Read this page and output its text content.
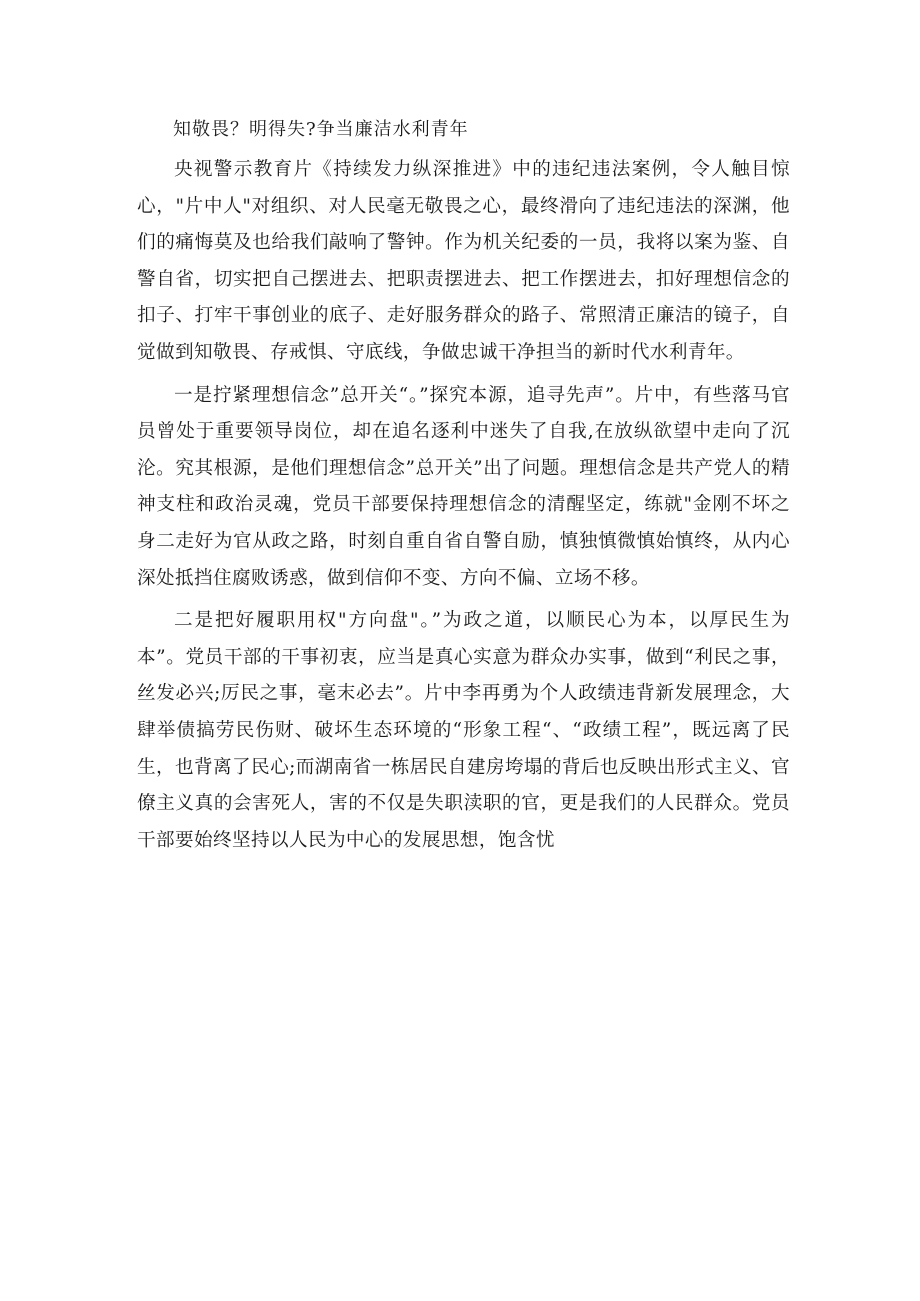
知敬畏？明得失?争当廉洁水利青年

央视警示教育片《持续发力纵深推进》中的违纪违法案例，令人触目惊心，"片中人"对组织、对人民毫无敬畏之心，最终滑向了违纪违法的深渊，他们的痛悔莫及也给我们敲响了警钟。作为机关纪委的一员，我将以案为鉴、自警自省，切实把自己摆进去、把职责摆进去、把工作摆进去，扣好理想信念的扣子、打牢干事创业的底子、走好服务群众的路子、常照清正廉洁的镜子，自觉做到知敬畏、存戒惧、守底线，争做忠诚干净担当的新时代水利青年。

一是拧紧理想信念”总开关“。”探究本源，追寻先声”。片中，有些落马官员曾处于重要领导岗位，却在追名逐利中迷失了自我,在放纵欲望中走向了沉沦。究其根源，是他们理想信念”总开关”出了问题。理想信念是共产党人的精神支柱和政治灵魂，党员干部要保持理想信念的清醒坚定，练就"金刚不坏之身二走好为官从政之路，时刻自重自省自警自励，慎独慎微慎始慎终，从内心深处抵挡住腐败诱惑，做到信仰不变、方向不偏、立场不移。

二是把好履职用权"方向盘"。”为政之道，以顺民心为本，以厚民生为本”。党员干部的干事初衷，应当是真心实意为群众办实事，做到“利民之事，丝发必兴;厉民之事，毫末必去”。片中李再勇为个人政绩违背新发展理念，大肆举债搞劳民伤财、破坏生态环境的“形象工程“、“政绩工程”，既远离了民生，也背离了民心;而湖南省一栋居民自建房垮塌的背后也反映出形式主义、官僚主义真的会害死人，害的不仅是失职渎职的官，更是我们的人民群众。党员干部要始终坚持以人民为中心的发展思想，饱含忧
